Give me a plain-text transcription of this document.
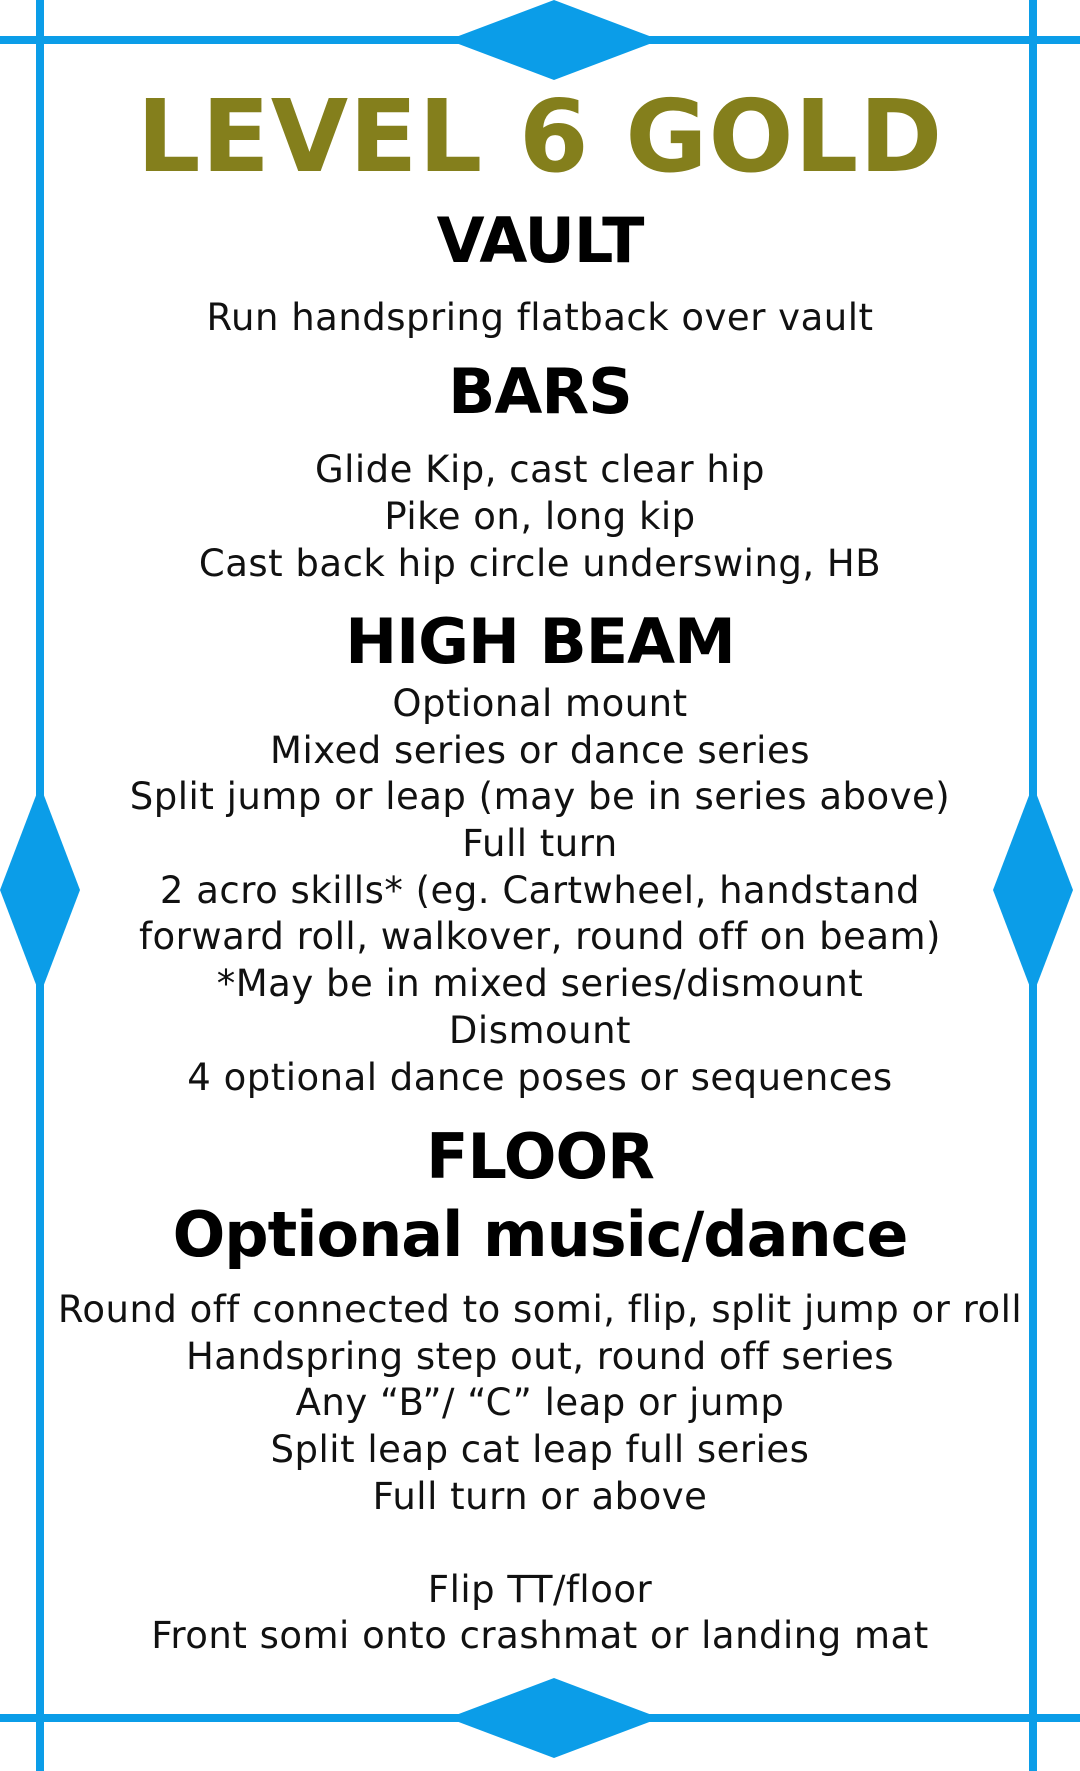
LEVEL 6 GOLD
VAULT
Run handspring flatback over vault
BARS
Glide Kip, cast clear hip
Pike on, long kip
Cast back hip circle underswing, HB
HIGH BEAM
Optional mount
Mixed series or dance series
Split jump or leap (may be in series above)
Full turn
2 acro skills* (eg. Cartwheel, handstand
forward roll, walkover, round off on beam)
*May be in mixed series/dismount
Dismount
4 optional dance poses or sequences
FLOOR
Optional music/dance
Round off connected to somi, flip, split jump or roll
Handspring step out, round off series
Any “B”/ “C” leap or jump
Split leap cat leap full series
Full turn or above
Flip TT/floor
Front somi onto crashmat or landing mat
